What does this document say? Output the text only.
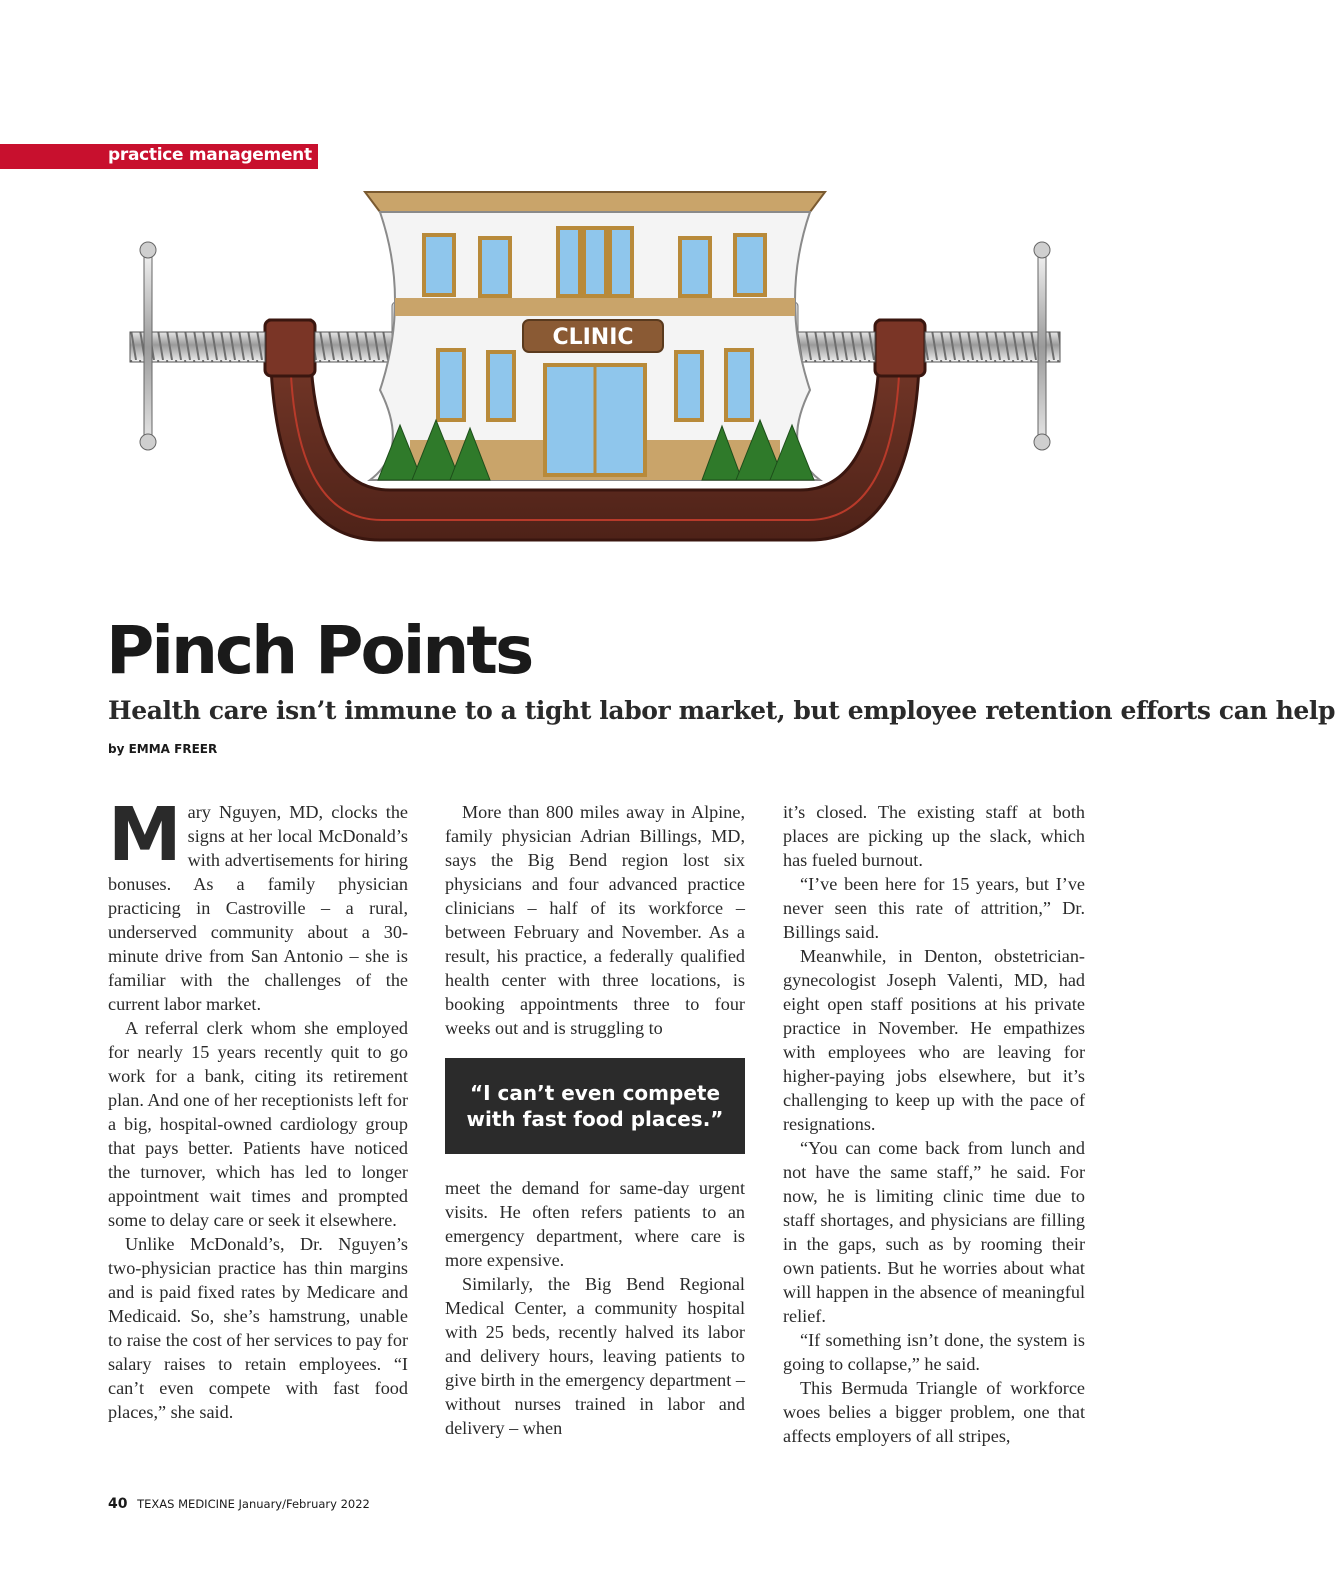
practice management
CLINIC
Pinch Points
Health care isn’t immune to a tight labor market, but employee retention efforts can help
by EMMA FREER
M ary Nguyen, MD, clocks the signs at her local McDonald’s with advertisements for hiring bonuses. As a family physician practicing in Castroville – a rural, underserved community about a 30-minute drive from San Antonio – she is familiar with the challenges of the current labor market.

A referral clerk whom she employed for nearly 15 years recently quit to go work for a bank, citing its retirement plan. And one of her receptionists left for a big, hospital-owned cardiology group that pays better. Patients have noticed the turnover, which has led to longer appointment wait times and prompted some to delay care or seek it elsewhere.

Unlike McDonald’s, Dr. Nguyen’s two-physician practice has thin margins and is paid fixed rates by Medicare and Medicaid. So, she’s hamstrung, unable to raise the cost of her services to pay for salary raises to retain employees. “I can’t even compete with fast food places,” she said.

More than 800 miles away in Alpine, family physician Adrian Billings, MD, says the Big Bend region lost six physicians and four advanced practice clinicians – half of its workforce – between February and November. As a result, his practice, a federally qualified health center with three locations, is booking appointments three to four weeks out and is struggling to

“I can’t even compete with fast food places.”

meet the demand for same-day urgent visits. He often refers patients to an emergency department, where care is more expensive.

Similarly, the Big Bend Regional Medical Center, a community hospital with 25 beds, recently halved its labor and delivery hours, leaving patients to give birth in the emergency department – without nurses trained in labor and delivery – when

it’s closed. The existing staff at both places are picking up the slack, which has fueled burnout.

“I’ve been here for 15 years, but I’ve never seen this rate of attrition,” Dr. Billings said.

Meanwhile, in Denton, obstetrician-gynecologist Joseph Valenti, MD, had eight open staff positions at his private practice in November. He empathizes with employees who are leaving for higher-paying jobs elsewhere, but it’s challenging to keep up with the pace of resignations.

“You can come back from lunch and not have the same staff,” he said. For now, he is limiting clinic time due to staff shortages, and physicians are filling in the gaps, such as by rooming their own patients. But he worries about what will happen in the absence of meaningful relief.

“If something isn’t done, the system is going to collapse,” he said.

This Bermuda Triangle of workforce woes belies a bigger problem, one that affects employers of all stripes,

40 TEXAS MEDICINE January/February 2022
